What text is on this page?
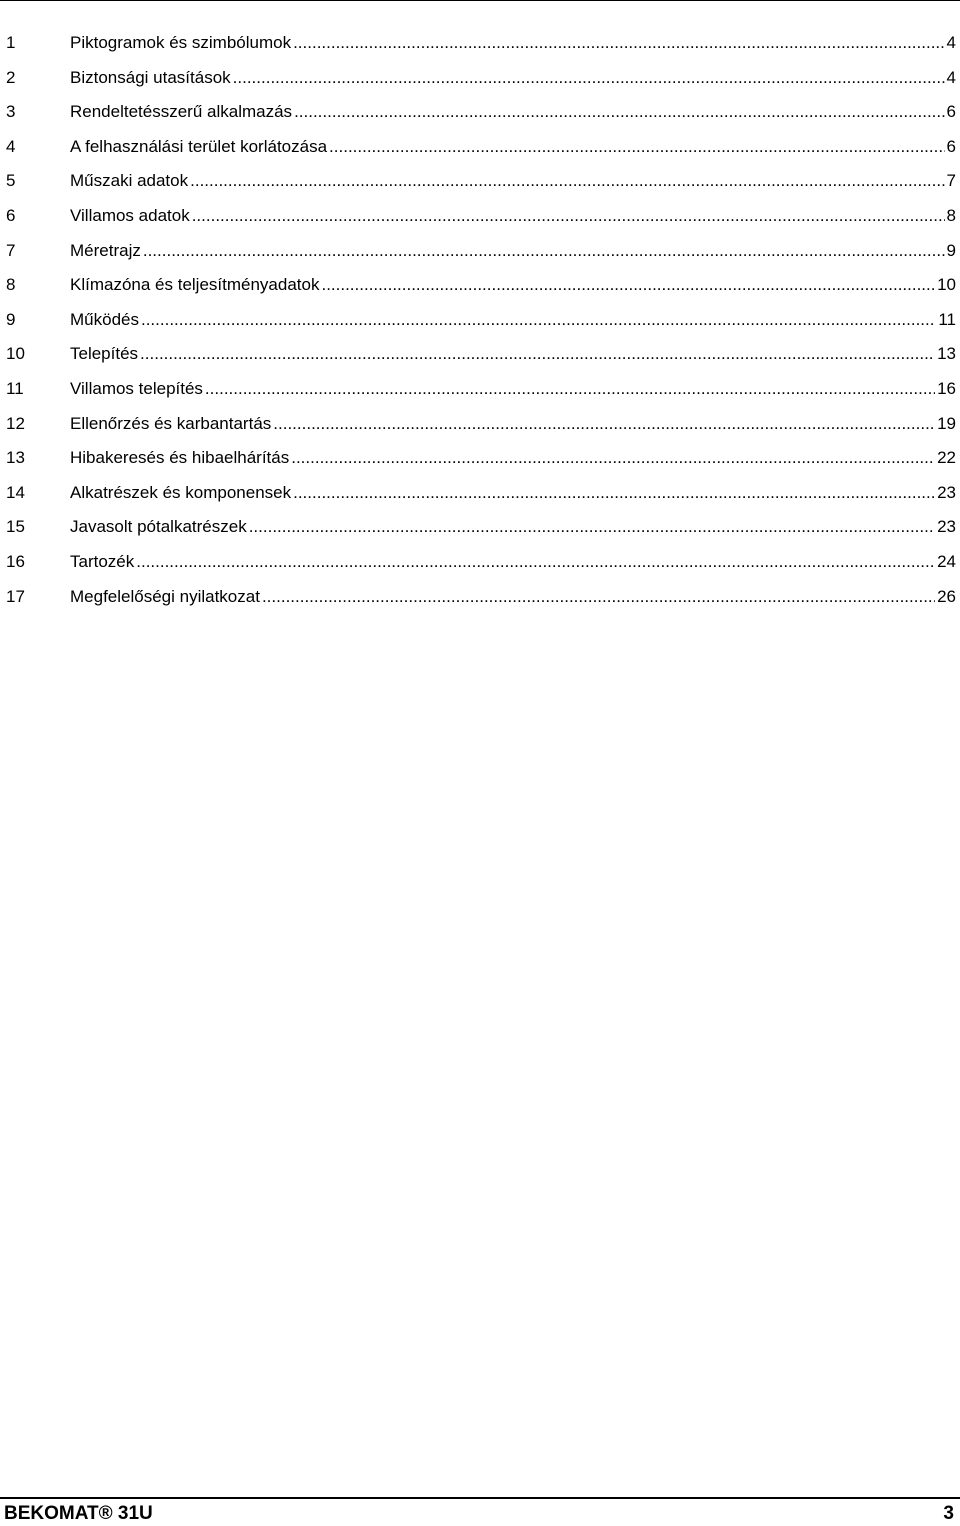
1	Piktogramok és szimbólumok .....	4
2	Biztonsági utasítások .....	4
3	Rendeltetésszerű alkalmazás .....	6
4	A felhasználási terület korlátozása .....	6
5	Műszaki adatok .....	7
6	Villamos adatok .....	8
7	Méretrajz .....	9
8	Klímazóna és teljesítményadatok .....	10
9	Működés .....	11
10	Telepítés .....	13
11	Villamos telepítés .....	16
12	Ellenőrzés és karbantartás .....	19
13	Hibakeresés és hibaelhárítás .....	22
14	Alkatrészek és komponensek .....	23
15	Javasolt pótalkatrészek .....	23
16	Tartozék .....	24
17	Megfelelőségi nyilatkozat .....	26
BEKOMAT® 31U	3
